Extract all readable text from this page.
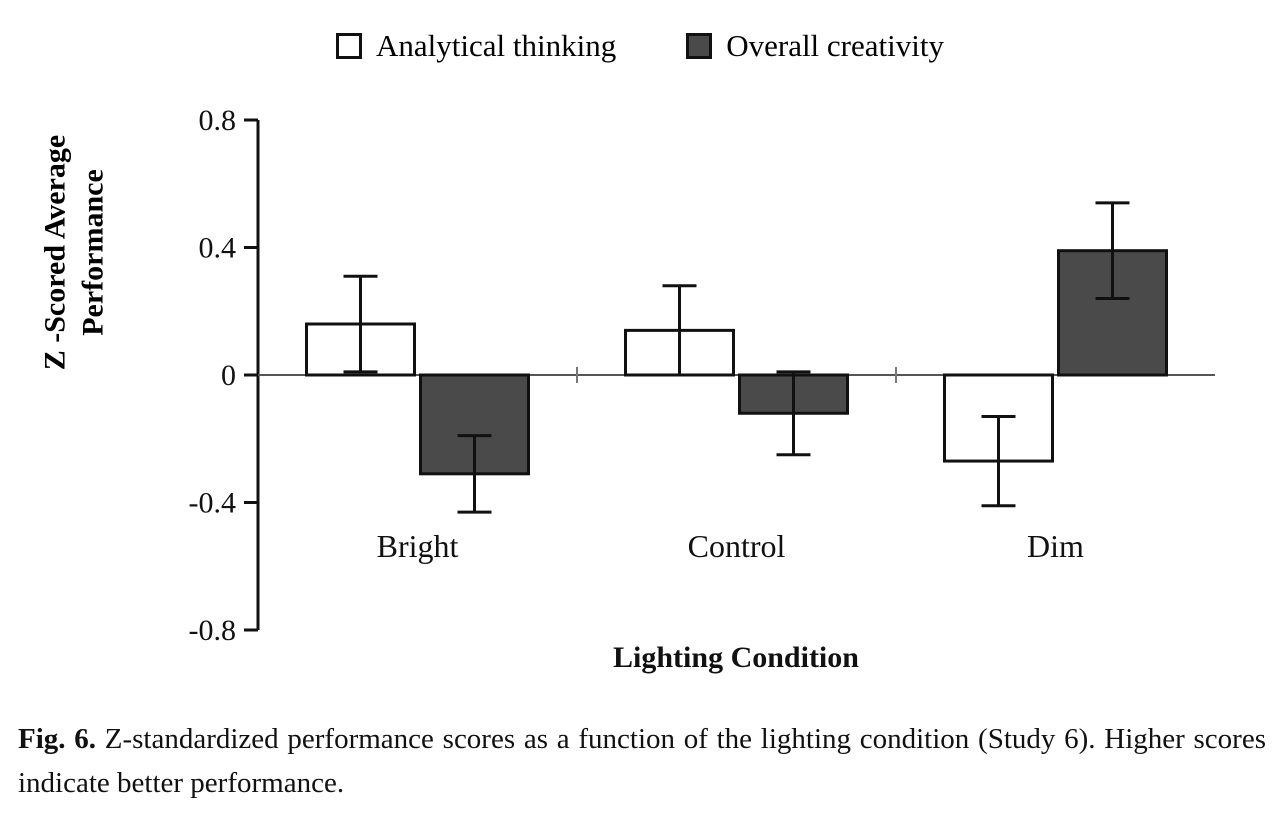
Analytical thinking	Overall creativity
0.8
0.4
0
-0.4
-0.8
Bright	Control	Dim
Lighting Condition
Z -Scored Average Performance
Fig. 6. Z-standardized performance scores as a function of the lighting condition (Study 6). Higher scores indicate better performance.
